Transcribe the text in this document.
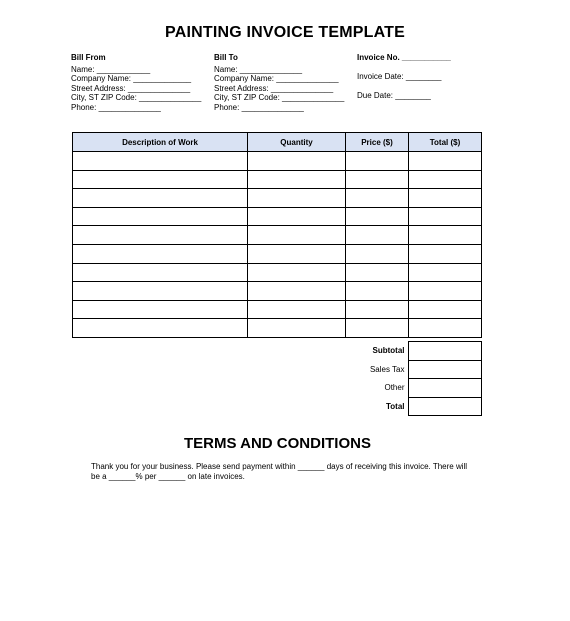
PAINTING INVOICE TEMPLATE
Bill From
Name: ____________
Company Name: _____________
Street Address: ______________
City, ST ZIP Code: ______________
Phone: ______________
Bill To
Name: ______________
Company Name: ______________
Street Address: ______________
City, ST ZIP Code: ______________
Phone: ______________
Invoice No. ___________
Invoice Date: ________
Due Date: ________
Description of Work	Quantity	Price ($)	Total ($)

		Subtotal	
		Sales Tax	
		Other	
		Total	
TERMS AND CONDITIONS
Thank you for your business. Please send payment within ______ days of receiving this invoice. There will be a ______% per ______ on late invoices.
